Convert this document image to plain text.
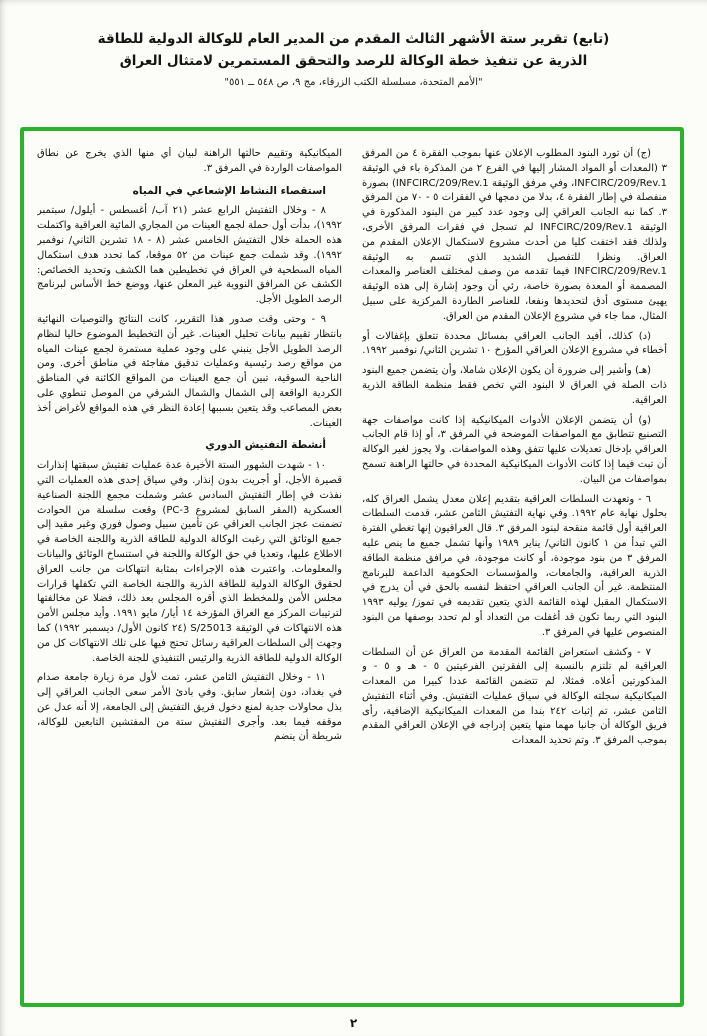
(تابع) تقرير ستة الأشهر الثالث المقدم من المدير العام للوكالة الدولية للطاقة
الذرية عن تنفيذ خطة الوكالة للرصد والتحقق المستمرين لامتثال العراق
"الأمم المتحدة، مسلسلة الكتب الزرقاء، مج ٩، ص ٥٤٨ ــ ٥٥١"

(ج) أن تورد البنود المطلوب الإعلان عنها بموجب الفقرة ٤ من المرفق ٣ (المعدات أو المواد المشار إليها في الفرع ٢ من المذكرة باء في الوثيقة INFCIRC/209/Rev.1، وفي مرفق الوثيقة INFCIRC/209/Rev.1) بصورة منفصلة في إطار الفقرة ٤، بدلا من دمجها في الفقرات ٥ - ٧٠ من المرفق ٣. كما نبه الجانب العراقي إلى وجود عدد كبير من البنود المذكورة في الوثيقة INFCIRC/209/Rev.1 لم تسجل في فقرات المرفق الأخرى، ولذلك فقد اختفت كليا من أحدث مشروع لاستكمال الإعلان المقدم من العراق. ونظرا للتفصيل الشديد الذي تتسم به الوثيقة INFCIRC/209/Rev.1 فيما تقدمه من وصف لمختلف العناصر والمعدات المصممة أو المعدة بصورة خاصة، رئي أن وجود إشارة إلى هذه الوثيقة يهيئ مستوى أدق لتحديدها ونفعا، للعناصر الطاردة المركزية على سبيل المثال، مما جاء في مشروع الإعلان المقدم من العراق.

(د) كذلك، أفيد الجانب العراقي بمسائل محددة تتعلق بإغفالات أو أخطاء في مشروع الإعلان العراقي المؤرخ ١٠ تشرين الثاني/ نوفمبر ١٩٩٢.

(هـ) وأشير إلى ضرورة أن يكون الإعلان شاملا، وأن يتضمن جميع البنود ذات الصلة في العراق لا البنود التي تخص فقط منظمة الطاقة الذرية العراقية.

(و) أن يتضمن الإعلان الأدوات الميكانيكية إذا كانت مواصفات جهة التصنيع تتطابق مع المواصفات الموضحة في المرفق ٣، أو إذا قام الجانب العراقي بإدخال تعديلات عليها تتفق وهذه المواصفات. ولا يجوز لغير الوكالة أن تبت فيما إذا كانت الأدوات الميكانيكية المحددة في حالتها الراهنة تسمح بمواصفات من البيان.

٦ - وتعهدت السلطات العراقية بتقديم إعلان معدل يشمل العراق كله، بحلول نهاية عام ١٩٩٢. وفي نهاية التفتيش الثامن عشر، قدمت السلطات العراقية أول قائمة منقحة لبنود المرفق ٣. قال العراقيون إنها تغطي الفترة التي تبدأ من ١ كانون الثاني/ يناير ١٩٨٩ وأنها تشمل جميع ما ينص عليه المرفق ٣ من بنود موجودة، أو كانت موجودة، في مرافق منظمة الطاقة الذرية العراقية، والجامعات، والمؤسسات الحكومية الداعمة للبرنامج المنتظمة. غير أن الجانب العراقي احتفظ لنفسه بالحق في أن يدرج في الاستكمال المقبل لهذه القائمة الذي يتعين تقديمه في تموز/ يوليه ١٩٩٣ البنود التي ربما تكون قد أغفلت من التعداد أو لم تحدد بوصفها من البنود المنصوص عليها في المرفق ٣.

٧ - وكشف استعراض القائمة المقدمة من العراق عن أن السلطات العراقية لم تلتزم بالنسبة إلى الفقرتين الفرعيتين ٥ - هـ و ٥ - و المذكورتين أعلاه. فمثلا، لم تتضمن القائمة عددا كبيرا من المعدات الميكانيكية سجلته الوكالة في سياق عمليات التفتيش. وفي أثناء التفتيش الثامن عشر، تم إثبات ٢٤٢ بندا من المعدات الميكانيكية الإضافية، رأى فريق الوكالة أن جانبا مهما منها يتعين إدراجه في الإعلان العراقي المقدم بموجب المرفق ٣. وتم تحديد المعدات

الميكانيكية وتقييم حالتها الراهنة لبيان أي منها الذي يخرج عن نطاق المواصفات الواردة في المرفق ٣.

استقصاء النشاط الإشعاعي في المياه

٨ - وخلال التفتيش الرابع عشر (٢١ آب/ أغسطس - أيلول/ سبتمبر ١٩٩٢)، بدأت أول حملة لجمع العينات من المجاري المائية العراقية واكتملت هذه الحملة خلال التفتيش الخامس عشر (٨ - ١٨ تشرين الثاني/ نوفمبر ١٩٩٢). وقد شملت جمع عينات من ٥٢ موقعا، كما تحدد هدف استكمال المياه السطحية في العراق في تخطيطين هما الكشف وتحديد الخصائص: الكشف عن المرافق النووية غير المعلن عنها، ووضع خط الأساس لبرنامج الرصد الطويل الأجل.

٩ - وحتى وقت صدور هذا التقرير، كانت النتائج والتوصيات النهائية بانتظار تقييم بيانات تحليل العينات. غير أن التخطيط الموضوع حاليا لنظام الرصد الطويل الأجل ينبني على وجود عملية مستمرة لجمع عينات المياه من مواقع رصد رئيسية وعمليات تدقيق مفاجئة في مناطق أخرى. ومن الناحية السوقية، تبين أن جمع العينات من المواقع الكائنة في المناطق الكردية الواقعة إلى الشمال والشمال الشرقي من الموصل تنطوي على بعض المصاعب وقد يتعين بسببها إعادة النظر في هذه المواقع لأغراض أخذ العينات.

أنشطة التفتيش الدوري

١٠ - شهدت الشهور الستة الأخيرة عدة عمليات تفتيش سبقتها إنذارات قصيرة الأجل، أو أجريت بدون إنذار. وفي سياق إحدى هذه العمليات التي نفذت في إطار التفتيش السادس عشر وشملت مجمع اللجنة الصناعية العسكرية (المقر السابق لمشروع PC-3) وقعت سلسلة من الحوادث تضمنت عجز الجانب العراقي عن تأمين سبيل وصول فوري وغير مقيد إلى جميع الوثائق التي رغبت الوكالة الدولية للطاقة الذرية واللجنة الخاصة في الاطلاع عليها، وتعديا في حق الوكالة واللجنة في استنساخ الوثائق والبيانات والمعلومات. واعتبرت هذه الإجراءات بمثابة انتهاكات من جانب العراق لحقوق الوكالة الدولية للطاقة الذرية واللجنة الخاصة التي تكفلها قرارات مجلس الأمن وللمخطط الذي أقره المجلس بعد ذلك، فضلا عن مخالفتها لترتيبات المركز مع العراق المؤرخة ١٤ أيار/ مايو ١٩٩١. وأيد مجلس الأمن هذه الانتهاكات في الوثيقة S/25013 (٢٤ كانون الأول/ ديسمبر ١٩٩٢) كما وجهت إلى السلطات العراقية رسائل تحتج فيها على تلك الانتهاكات كل من الوكالة الدولية للطاقة الذرية والرئيس التنفيذي للجنة الخاصة.

١١ - وخلال التفتيش الثامن عشر، تمت لأول مرة زيارة جامعة صدام في بغداد، دون إشعار سابق. وفي بادئ الأمر سعى الجانب العراقي إلى بذل محاولات جدية لمنع دخول فريق التفتيش إلى الجامعة، إلا أنه عدل عن موقفه فيما بعد. وأجرى التفتيش ستة من المفتشين التابعين للوكالة، شريطة أن ينضم

٢
